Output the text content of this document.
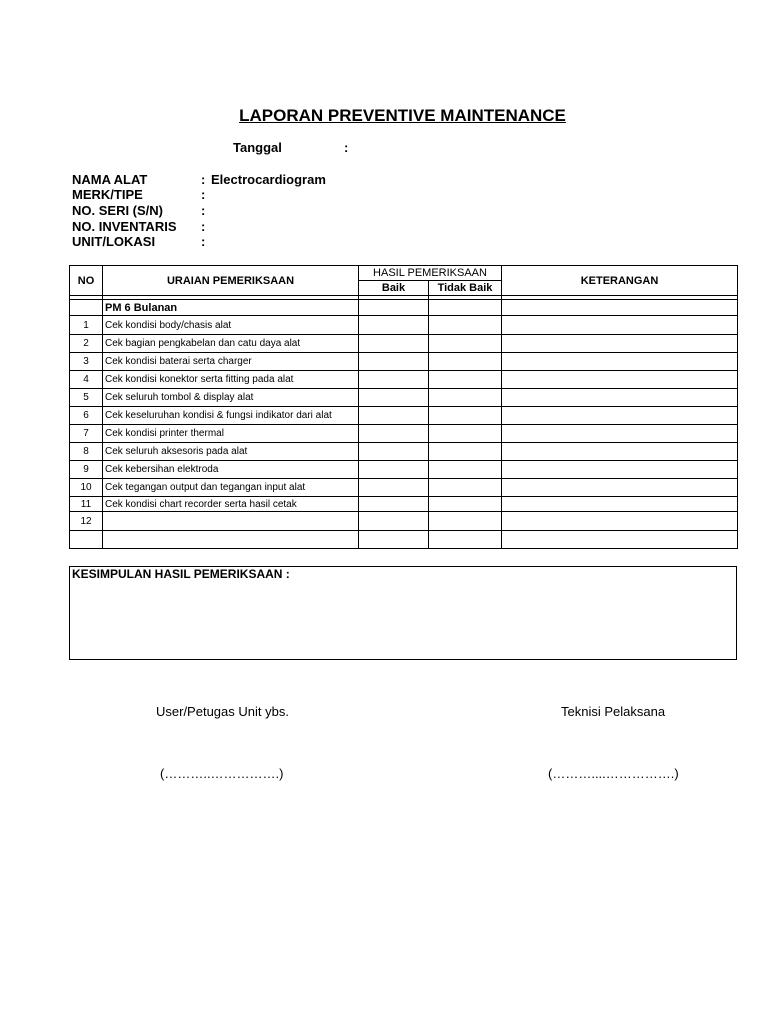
LAPORAN PREVENTIVE MAINTENANCE
Tanggal	:
NAMA ALAT	: Electrocardiogram
MERK/TIPE	:
NO. SERI (S/N)	:
NO. INVENTARIS :
UNIT/LOKASI	:
NO	URAIAN PEMERIKSAAN	HASIL PEMERIKSAAN		KETERANGAN
		Baik	Tidak Baik	

	PM 6 Bulanan			
1	Cek kondisi body/chasis alat			
2	Cek bagian pengkabelan dan catu daya alat			
3	Cek kondisi baterai serta charger			
4	Cek kondisi konektor serta fitting pada alat			
5	Cek seluruh tombol & display alat			
6	Cek keseluruhan kondisi & fungsi indikator dari alat			
7	Cek kondisi printer thermal			
8	Cek seluruh aksesoris pada alat			
9	Cek kebersihan elektroda			
10	Cek tegangan output dan tegangan input alat			
11	Cek kondisi chart recorder serta hasil cetak			
12				

KESIMPULAN HASIL PEMERIKSAAN :
User/Petugas Unit ybs.	Teknisi Pelaksana
(………..…………….)	(………....…………….)
